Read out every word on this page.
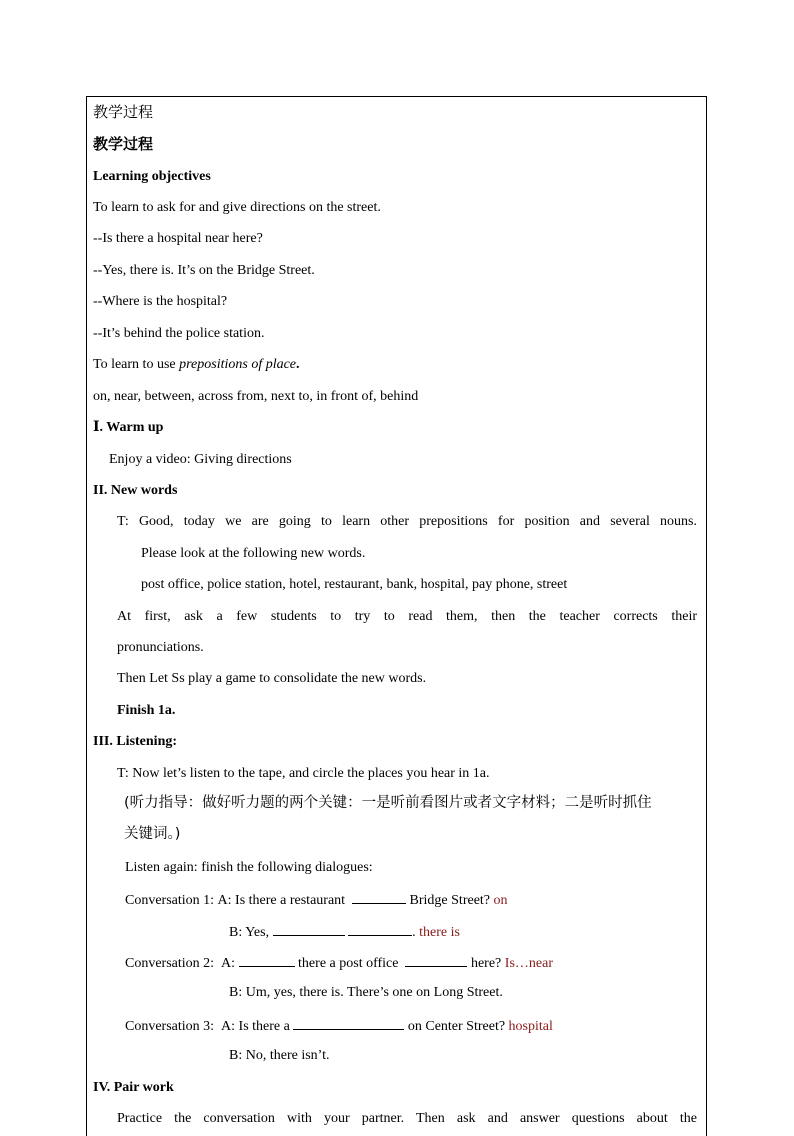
教学过程
教学过程
Learning objectives
To learn to ask for and give directions on the street.
--Is there a hospital near here?
--Yes, there is. It’s on the Bridge Street.
--Where is the hospital?
--It’s behind the police station.
To learn to use prepositions of place.
on, near, between, across from, next to, in front of, behind
Ⅰ. Warm up
Enjoy a video: Giving directions
II. New words
T: Good, today we are going to learn other prepositions for position and several nouns.
Please look at the following new words.
post office, police station, hotel, restaurant, bank, hospital, pay phone, street
At first, ask a few students to try to read them, then the teacher corrects their
pronunciations.
Then Let Ss play a game to consolidate the new words.
Finish 1a.
III. Listening:
T: Now let’s listen to the tape, and circle the places you hear in 1a.
(听力指导：做好听力题的两个关键：一是听前看图片或者文字材料；二是听时抓住
关键词。)
Listen again: finish the following dialogues:
Conversation 1: A: Is there a restaurant	Bridge Street? on
B: Yes,	. there is
Conversation 2: A:	there a post office	here? Is…near
B: Um, yes, there is. There’s one on Long Street.
Conversation 3: A: Is there a	on Center Street? hospital
B: No, there isn’t.
IV. Pair work
Practice the conversation with your partner. Then ask and answer questions about the
